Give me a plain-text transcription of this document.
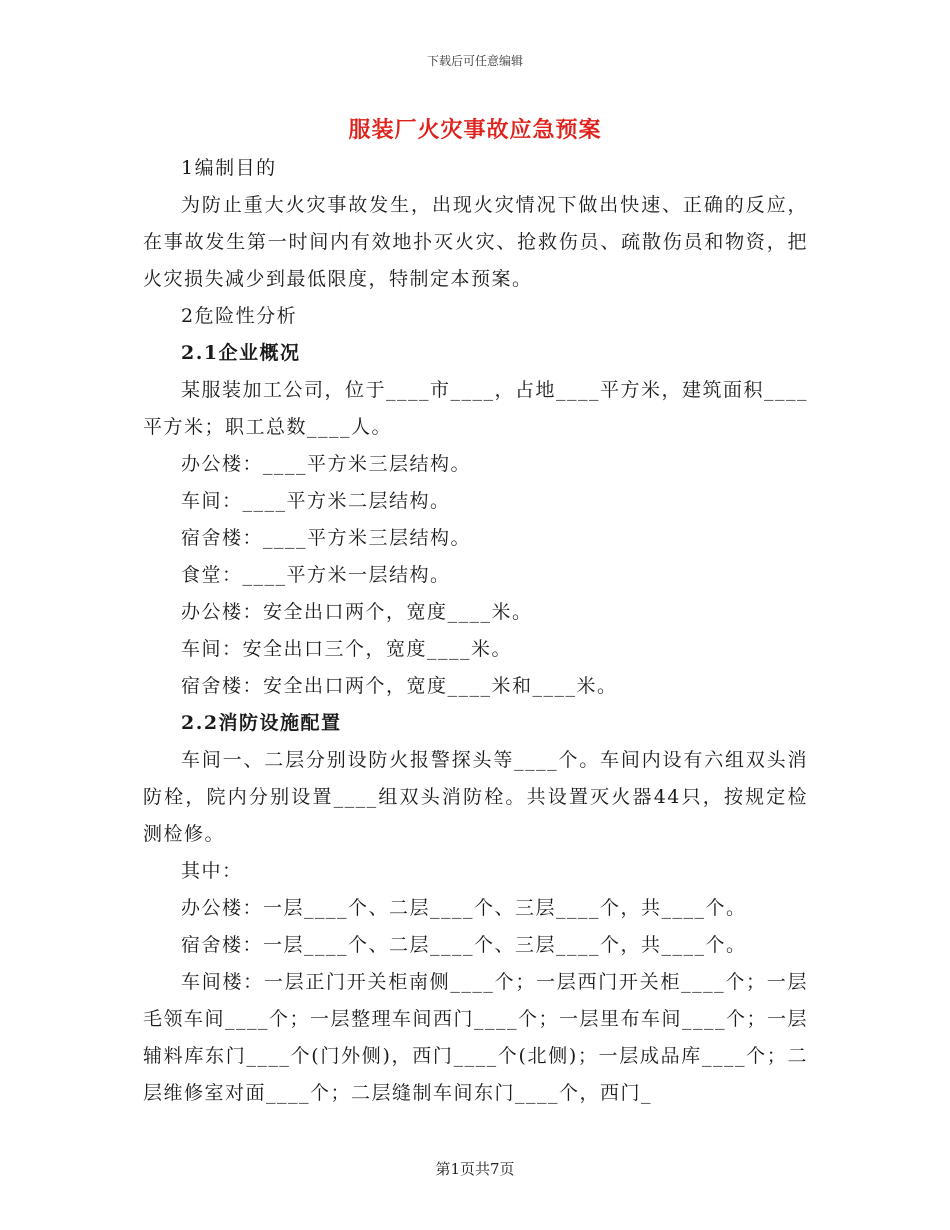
下载后可任意编辑
服装厂火灾事故应急预案

1编制目的

为防止重大火灾事故发生，出现火灾情况下做出快速、正确的反应，在事故发生第一时间内有效地扑灭火灾、抢救伤员、疏散伤员和物资，把火灾损失减少到最低限度，特制定本预案。

2危险性分析

2.1企业概况

某服装加工公司，位于____市____，占地____平方米，建筑面积____平方米；职工总数____人。

办公楼：____平方米三层结构。

车间：____平方米二层结构。

宿舍楼：____平方米三层结构。

食堂：____平方米一层结构。

办公楼：安全出口两个，宽度____米。

车间：安全出口三个，宽度____米。

宿舍楼：安全出口两个，宽度____米和____米。

2.2消防设施配置

车间一、二层分别设防火报警探头等____个。车间内设有六组双头消防栓，院内分别设置____组双头消防栓。共设置灭火器44只，按规定检测检修。

其中：

办公楼：一层____个、二层____个、三层____个，共____个。

宿舍楼：一层____个、二层____个、三层____个，共____个。

车间楼：一层正门开关柜南侧____个；一层西门开关柜____个；一层毛领车间____个；一层整理车间西门____个；一层里布车间____个；一层辅料库东门____个(门外侧)，西门____个(北侧)；一层成品库____个；二层维修室对面____个；二层缝制车间东门____个，西门_

第1页共7页
